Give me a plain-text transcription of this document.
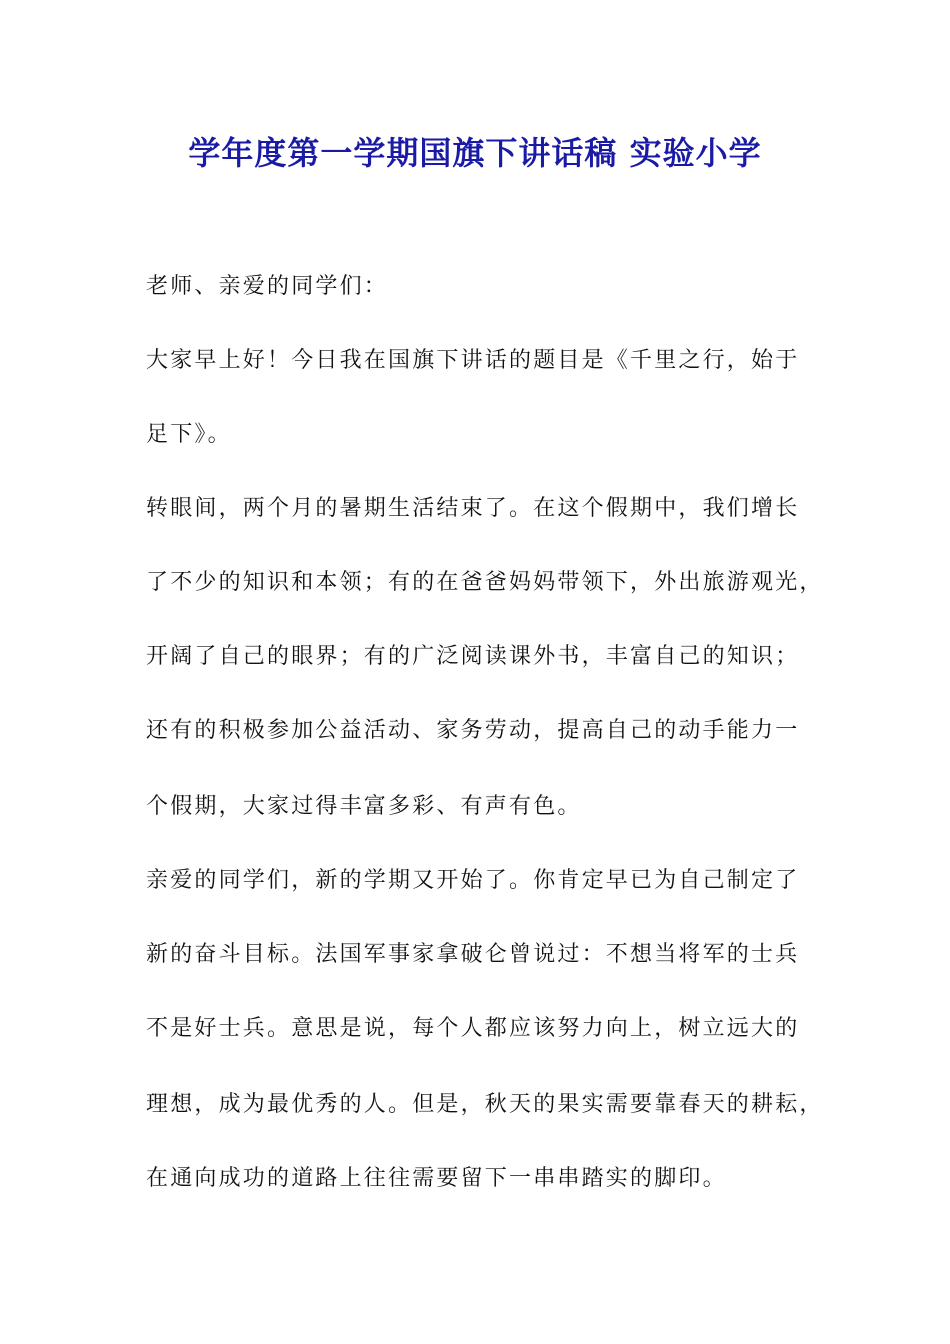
学年度第一学期国旗下讲话稿 实验小学

老师、亲爱的同学们：

大家早上好！今日我在国旗下讲话的题目是《千里之行，始于

足下》。

转眼间，两个月的暑期生活结束了。在这个假期中，我们增长

了不少的知识和本领；有的在爸爸妈妈带领下，外出旅游观光，

开阔了自己的眼界；有的广泛阅读课外书，丰富自己的知识；

还有的积极参加公益活动、家务劳动，提高自己的动手能力一

个假期，大家过得丰富多彩、有声有色。

亲爱的同学们，新的学期又开始了。你肯定早已为自己制定了

新的奋斗目标。法国军事家拿破仑曾说过：不想当将军的士兵

不是好士兵。意思是说，每个人都应该努力向上，树立远大的

理想，成为最优秀的人。但是，秋天的果实需要靠春天的耕耘，

在通向成功的道路上往往需要留下一串串踏实的脚印。
